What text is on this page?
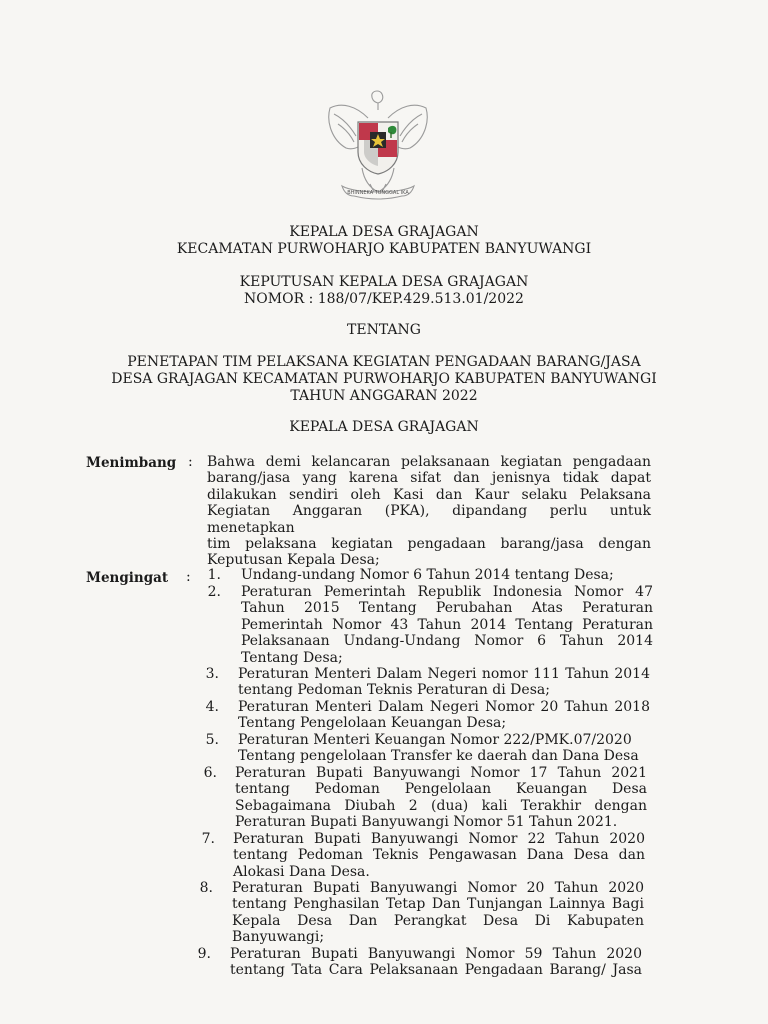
BHINNEKA TUNGGAL IKA
KEPALA DESA GRAJAGAN
KECAMATAN PURWOHARJO KABUPATEN BANYUWANGI
KEPUTUSAN KEPALA DESA GRAJAGAN
NOMOR : 188/07/KEP.429.513.01/2022
TENTANG
PENETAPAN TIM PELAKSANA KEGIATAN PENGADAAN BARANG/JASA
DESA GRAJAGAN KECAMATAN PURWOHARJO KABUPATEN BANYUWANGI
TAHUN ANGGARAN 2022
KEPALA DESA GRAJAGAN
Menimbang : Bahwa demi kelancaran pelaksanaan kegiatan pengadaan
barang/jasa yang karena sifat dan jenisnya tidak dapat
dilakukan sendiri oleh Kasi dan Kaur selaku Pelaksana
Kegiatan Anggaran (PKA), dipandang perlu untuk menetapkan
tim pelaksana kegiatan pengadaan barang/jasa dengan
Keputusan Kepala Desa;
Mengingat : 1. Undang-undang Nomor 6 Tahun 2014 tentang Desa;
2. Peraturan Pemerintah Republik Indonesia Nomor 47
Tahun 2015 Tentang Perubahan Atas Peraturan
Pemerintah Nomor 43 Tahun 2014 Tentang Peraturan
Pelaksanaan Undang-Undang Nomor 6 Tahun 2014
Tentang Desa;
3. Peraturan Menteri Dalam Negeri nomor 111 Tahun 2014
tentang Pedoman Teknis Peraturan di Desa;
4. Peraturan Menteri Dalam Negeri Nomor 20 Tahun 2018
Tentang Pengelolaan Keuangan Desa;
5. Peraturan Menteri Keuangan Nomor 222/PMK.07/2020
Tentang pengelolaan Transfer ke daerah dan Dana Desa
6. Peraturan Bupati Banyuwangi Nomor 17 Tahun 2021
tentang Pedoman Pengelolaan Keuangan Desa
Sebagaimana Diubah 2 (dua) kali Terakhir dengan
Peraturan Bupati Banyuwangi Nomor 51 Tahun 2021.
7. Peraturan Bupati Banyuwangi Nomor 22 Tahun 2020
tentang Pedoman Teknis Pengawasan Dana Desa dan
Alokasi Dana Desa.
8. Peraturan Bupati Banyuwangi Nomor 20 Tahun 2020
tentang Penghasilan Tetap Dan Tunjangan Lainnya Bagi
Kepala Desa Dan Perangkat Desa Di Kabupaten
Banyuwangi;
9. Peraturan Bupati Banyuwangi Nomor 59 Tahun 2020
tentang Tata Cara Pelaksanaan Pengadaan Barang/ Jasa
